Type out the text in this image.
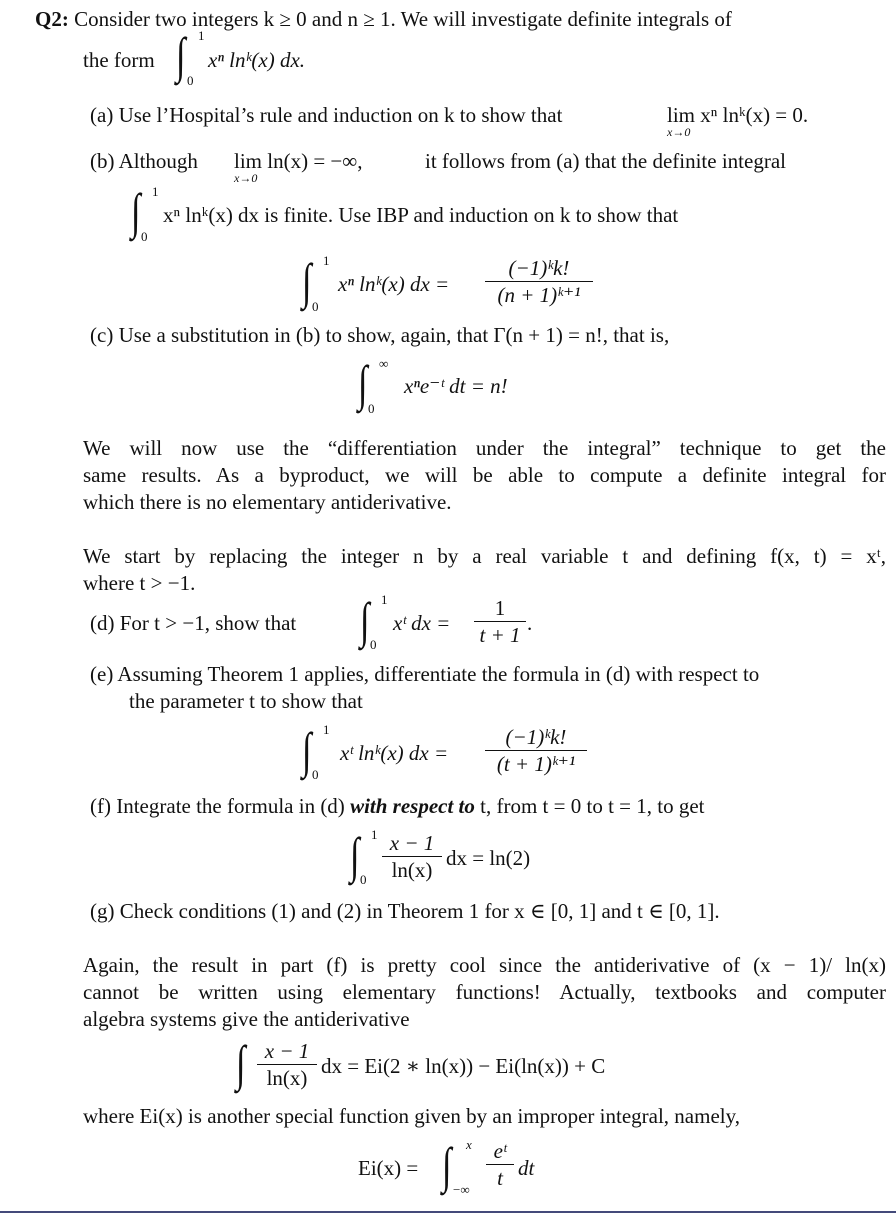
Q2: Consider two integers k ≥ 0 and n ≥ 1. We will investigate definite integrals of
the form ∫ 1
0
xⁿ lnᵏ(x) dx.
(a) Use l’Hospital’s rule and induction on k to show that	lim xⁿ lnᵏ(x) = 0.
x→0
(b) Although lim ln(x) = −∞,
x→0
it follows from (a) that the definite integral
∫ 1
0
xⁿ lnᵏ(x) dx is finite. Use IBP and induction on k to show that
∫ 1
0
xⁿ lnᵏ(x) dx = $\frac{\text{(−1)ᵏk!}}{\text{(n + 1)ᵏ⁺¹}}$
(c) Use a substitution in (b) to show, again, that Γ(n + 1) = n!, that is,
∫ ∞
0
xⁿe⁻ᵗ dt = n!
We will now use the “differentiation under the integral” technique to get the
same results. As a byproduct, we will be able to compute a definite integral for
which there is no elementary antiderivative.
We start by replacing the integer n by a real variable t and defining f(x, t) = xᵗ,
where t > −1.
(d) For t > −1, show that ∫ 1
0
xᵗ dx = $\frac{1}{t + 1}$ .
(e) Assuming Theorem 1 applies, differentiate the formula in (d) with respect to
the parameter t to show that
∫ 1
0
xᵗ lnᵏ(x) dx = $\frac{\text{(−1)ᵏk!}}{\text{(t + 1)ᵏ⁺¹}}$
(f) Integrate the formula in (d) with respect to t, from t = 0 to t = 1, to get
∫ 1
$0 \frac{x - 1}{\ln(x)}$ dx = ln(2)
(g) Check conditions (1) and (2) in Theorem 1 for x ∈ [0, 1] and t ∈ [0, 1].
Again, the result in part (f) is pretty cool since the antiderivative of (x − 1)/ ln(x)
cannot be written using elementary functions! Actually, textbooks and computer
algebra systems give the antiderivative
∫ $\frac{x - 1}{\ln(x)}$ dx = Ei(2 ∗ ln(x)) − Ei(ln(x)) + C
where Ei(x) is another special function given by an improper integral, namely,
Ei(x) = ∫ x
−∞ $\frac{\text{eᵗ}}{t}$ dt
